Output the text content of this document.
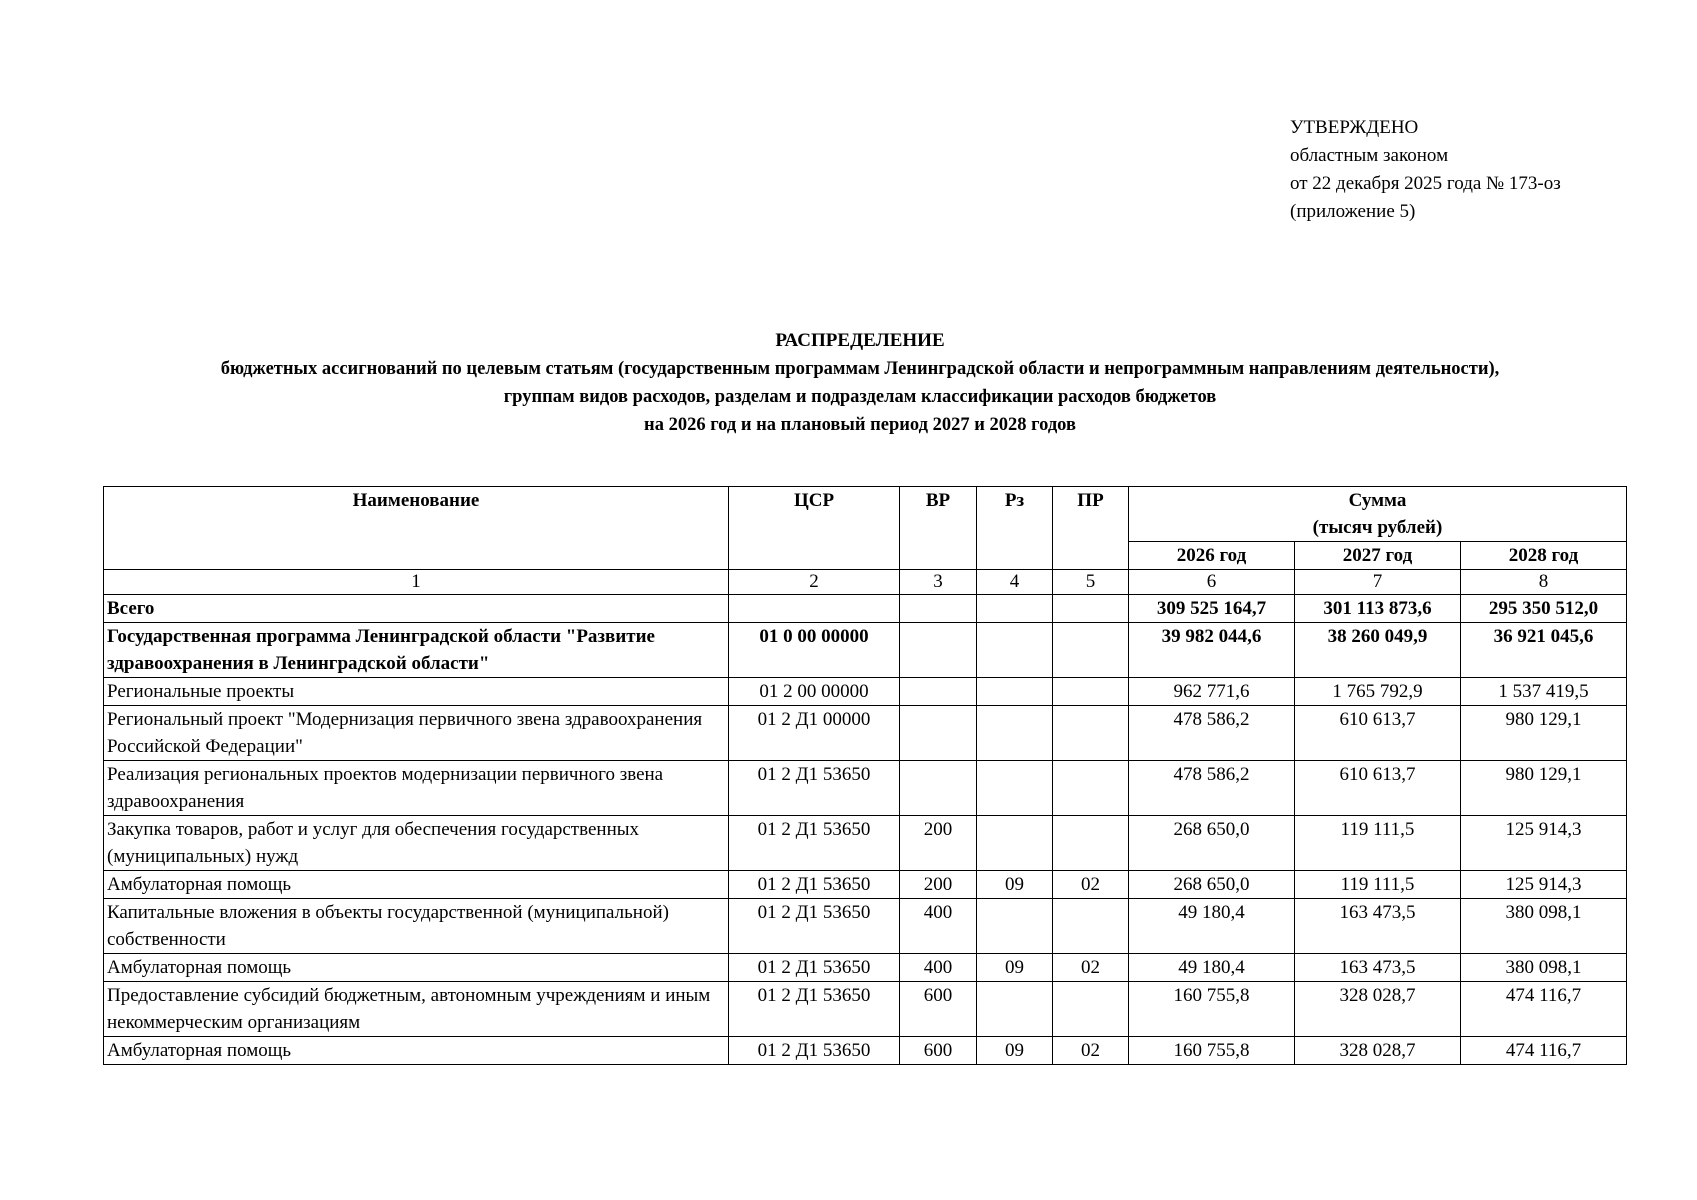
УТВЕРЖДЕНО
областным законом
от 22 декабря 2025 года № 173-оз
(приложение 5)
РАСПРЕДЕЛЕНИЕ
бюджетных ассигнований по целевым статьям (государственным программам Ленинградской области и непрограммным направлениям деятельности),
группам видов расходов, разделам и подразделам классификации расходов бюджетов
на 2026 год и на плановый период 2027 и 2028 годов
Наименование	ЦСР	ВР	Рз	ПР	Сумма
(тысяч рублей)		

					2026 год	2027 год	2028 год
1	2	3	4	5	6	7	8
Всего					309 525 164,7	301 113 873,6	295 350 512,0
Государственная программа Ленинградской области "Развитие здравоохранения в Ленинградской области"	01 0 00 00000				39 982 044,6	38 260 049,9	36 921 045,6
Региональные проекты	01 2 00 00000				962 771,6	1 765 792,9	1 537 419,5
Региональный проект "Модернизация первичного звена здравоохранения Российской Федерации"	01 2 Д1 00000				478 586,2	610 613,7	980 129,1
Реализация региональных проектов модернизации первичного звена здравоохранения	01 2 Д1 53650				478 586,2	610 613,7	980 129,1
Закупка товаров, работ и услуг для обеспечения государственных (муниципальных) нужд	01 2 Д1 53650	200			268 650,0	119 111,5	125 914,3
Амбулаторная помощь	01 2 Д1 53650	200	09	02	268 650,0	119 111,5	125 914,3
Капитальные вложения в объекты государственной (муниципальной) собственности	01 2 Д1 53650	400			49 180,4	163 473,5	380 098,1
Амбулаторная помощь	01 2 Д1 53650	400	09	02	49 180,4	163 473,5	380 098,1
Предоставление субсидий бюджетным, автономным учреждениям и иным некоммерческим организациям	01 2 Д1 53650	600			160 755,8	328 028,7	474 116,7
Амбулаторная помощь	01 2 Д1 53650	600	09	02	160 755,8	328 028,7	474 116,7
